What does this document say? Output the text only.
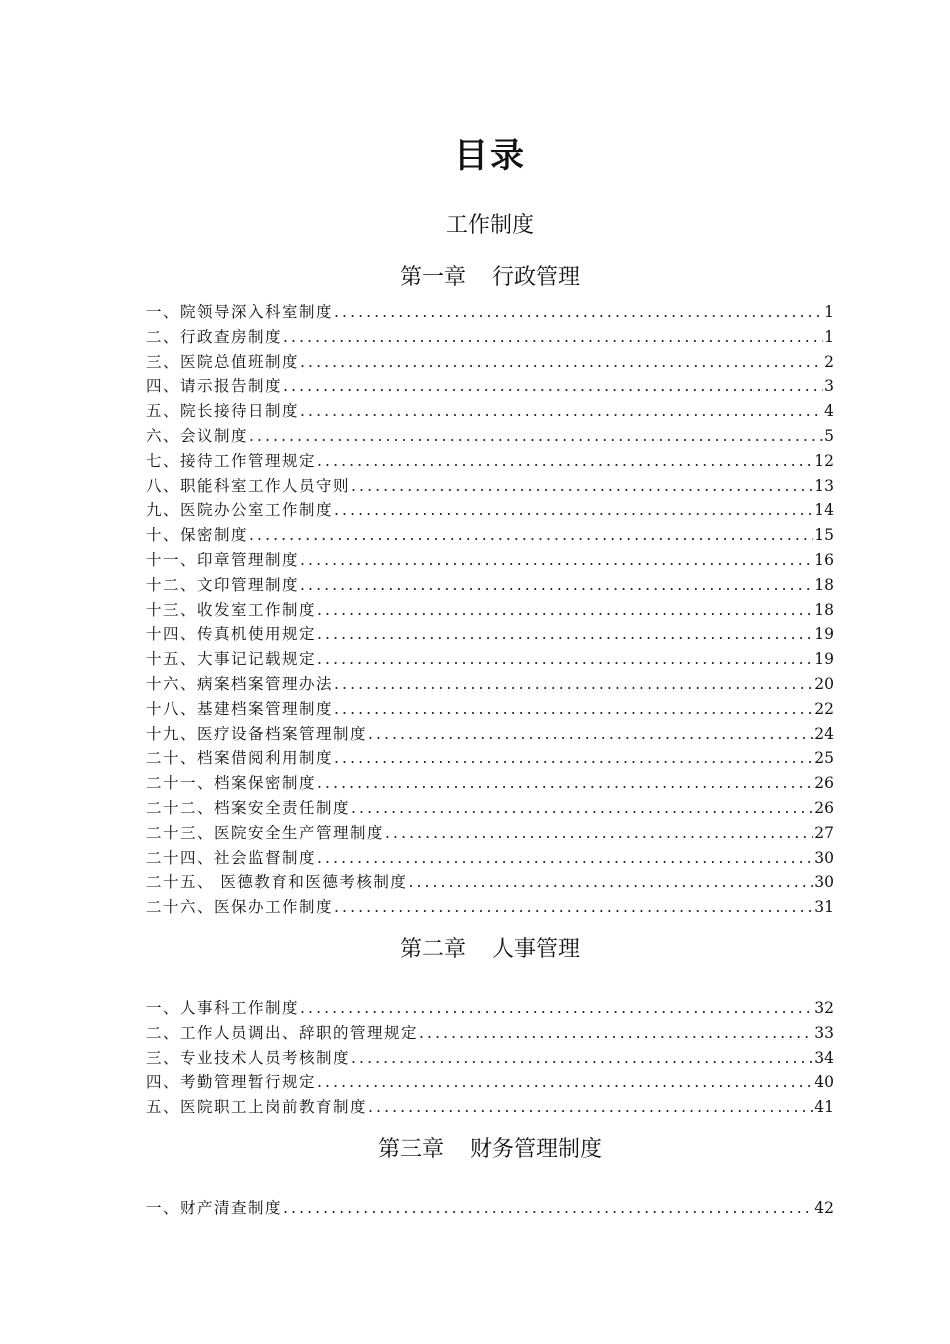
目录
工作制度
第一章 行政管理
一、院领导深入科室制度 .....	1
二、行政查房制度 .....	1
三、医院总值班制度 .....	2
四、请示报告制度 .....	3
五、院长接待日制度 .....	4
六、会议制度 .....	5
七、接待工作管理规定 .....	12
八、职能科室工作人员守则 .....	13
九、医院办公室工作制度 .....	14
十、保密制度 .....	15
十一、印章管理制度 .....	16
十二、文印管理制度 .....	18
十三、收发室工作制度 .....	18
十四、传真机使用规定 .....	19
十五、大事记记载规定 .....	19
十六、病案档案管理办法 .....	20
十八、基建档案管理制度 .....	22
十九、医疗设备档案管理制度 .....	24
二十、档案借阅利用制度 .....	25
二十一、档案保密制度 .....	26
二十二、档案安全责任制度 .....	26
二十三、医院安全生产管理制度 .....	27
二十四、社会监督制度 .....	30
二十五、 医德教育和医德考核制度 .....	30
二十六、医保办工作制度 .....	31
第二章 人事管理
一、人事科工作制度 .....	32
二、工作人员调出、辞职的管理规定 .....	33
三、专业技术人员考核制度 .....	34
四、考勤管理暂行规定 .....	40
五、医院职工上岗前教育制度 .....	41
第三章 财务管理制度
一、财产清查制度 .....	42
